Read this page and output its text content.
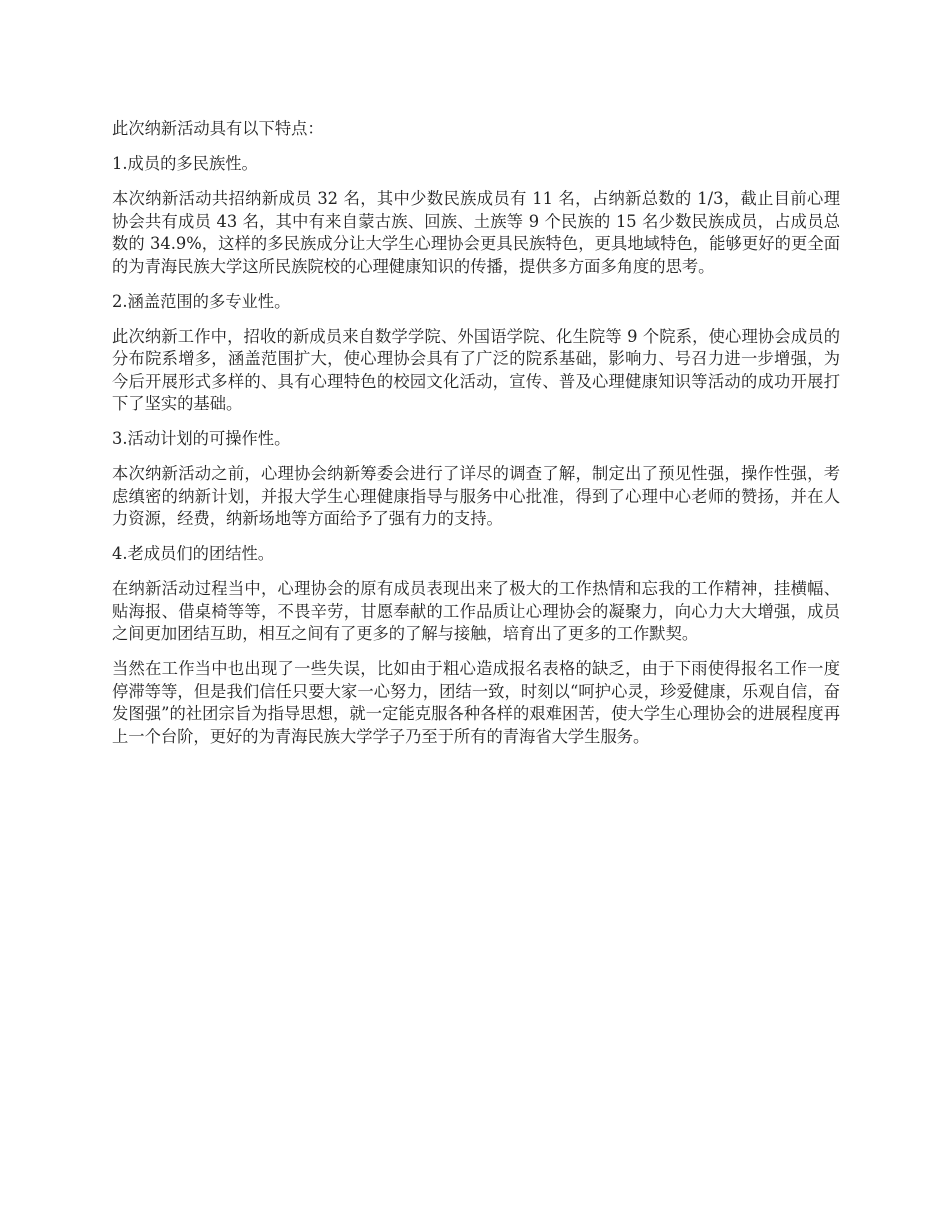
此次纳新活动具有以下特点：

1.成员的多民族性。

本次纳新活动共招纳新成员 32 名，其中少数民族成员有 11 名，占纳新总数的 1/3，截止目前心理协会共有成员 43 名，其中有来自蒙古族、回族、土族等 9 个民族的 15 名少数民族成员，占成员总数的 34.9%，这样的多民族成分让大学生心理协会更具民族特色，更具地域特色，能够更好的更全面的为青海民族大学这所民族院校的心理健康知识的传播，提供多方面多角度的思考。

2.涵盖范围的多专业性。

此次纳新工作中，招收的新成员来自数学学院、外国语学院、化生院等 9 个院系，使心理协会成员的分布院系增多，涵盖范围扩大，使心理协会具有了广泛的院系基础，影响力、号召力进一步增强，为今后开展形式多样的、具有心理特色的校园文化活动，宣传、普及心理健康知识等活动的成功开展打下了坚实的基础。

3.活动计划的可操作性。

本次纳新活动之前，心理协会纳新筹委会进行了详尽的调查了解，制定出了预见性强，操作性强，考虑缜密的纳新计划，并报大学生心理健康指导与服务中心批准，得到了心理中心老师的赞扬，并在人力资源，经费，纳新场地等方面给予了强有力的支持。

4.老成员们的团结性。

在纳新活动过程当中，心理协会的原有成员表现出来了极大的工作热情和忘我的工作精神，挂横幅、贴海报、借桌椅等等，不畏辛劳，甘愿奉献的工作品质让心理协会的凝聚力，向心力大大增强，成员之间更加团结互助，相互之间有了更多的了解与接触，培育出了更多的工作默契。

当然在工作当中也出现了一些失误，比如由于粗心造成报名表格的缺乏，由于下雨使得报名工作一度停滞等等，但是我们信任只要大家一心努力，团结一致，时刻以“呵护心灵，珍爱健康，乐观自信，奋发图强”的社团宗旨为指导思想，就一定能克服各种各样的艰难困苦，使大学生心理协会的进展程度再上一个台阶，更好的为青海民族大学学子乃至于所有的青海省大学生服务。
